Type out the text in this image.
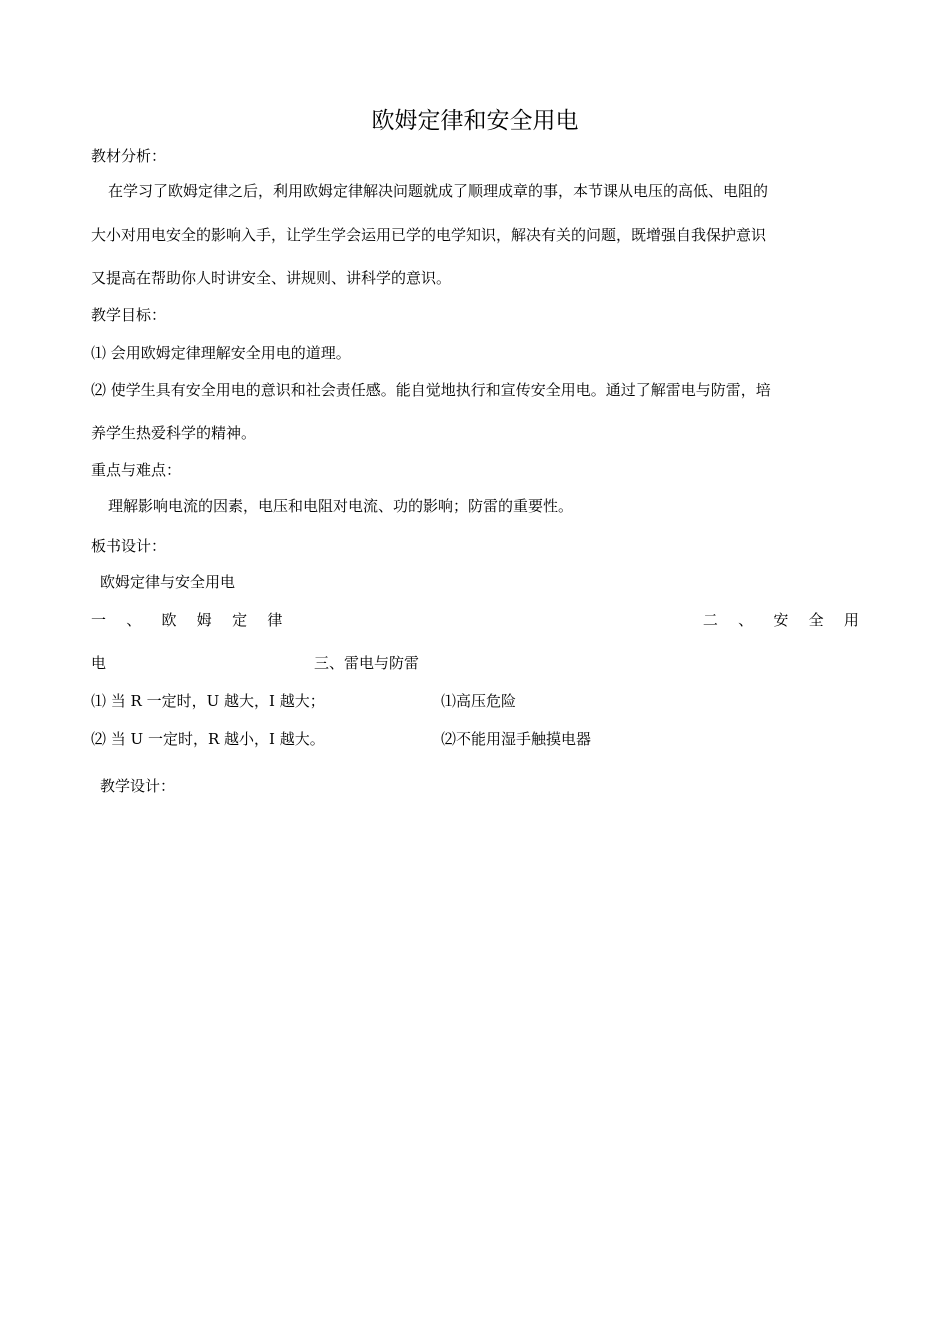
欧姆定律和安全用电
教材分析：
在学习了欧姆定律之后，利用欧姆定律解决问题就成了顺理成章的事，本节课从电压的高低、电阻的
大小对用电安全的影响入手，让学生学会运用已学的电学知识，解决有关的问题，既增强自我保护意识
又提高在帮助你人时讲安全、讲规则、讲科学的意识。
教学目标：
⑴ 会用欧姆定律理解安全用电的道理。
⑵ 使学生具有安全用电的意识和社会责任感。能自觉地执行和宣传安全用电。通过了解雷电与防雷，培
养学生热爱科学的精神。
重点与难点：
理解影响电流的因素，电压和电阻对电流、功的影响；防雷的重要性。
板书设计：
欧姆定律与安全用电
一 、 欧 姆 定 律	二 、 安 全 用
电	三、雷电与防雷
⑴ 当 R 一定时，U 越大，I 越大；	⑴高压危险
⑵ 当 U 一定时，R 越小，I 越大。	⑵不能用湿手触摸电器
教学设计：
